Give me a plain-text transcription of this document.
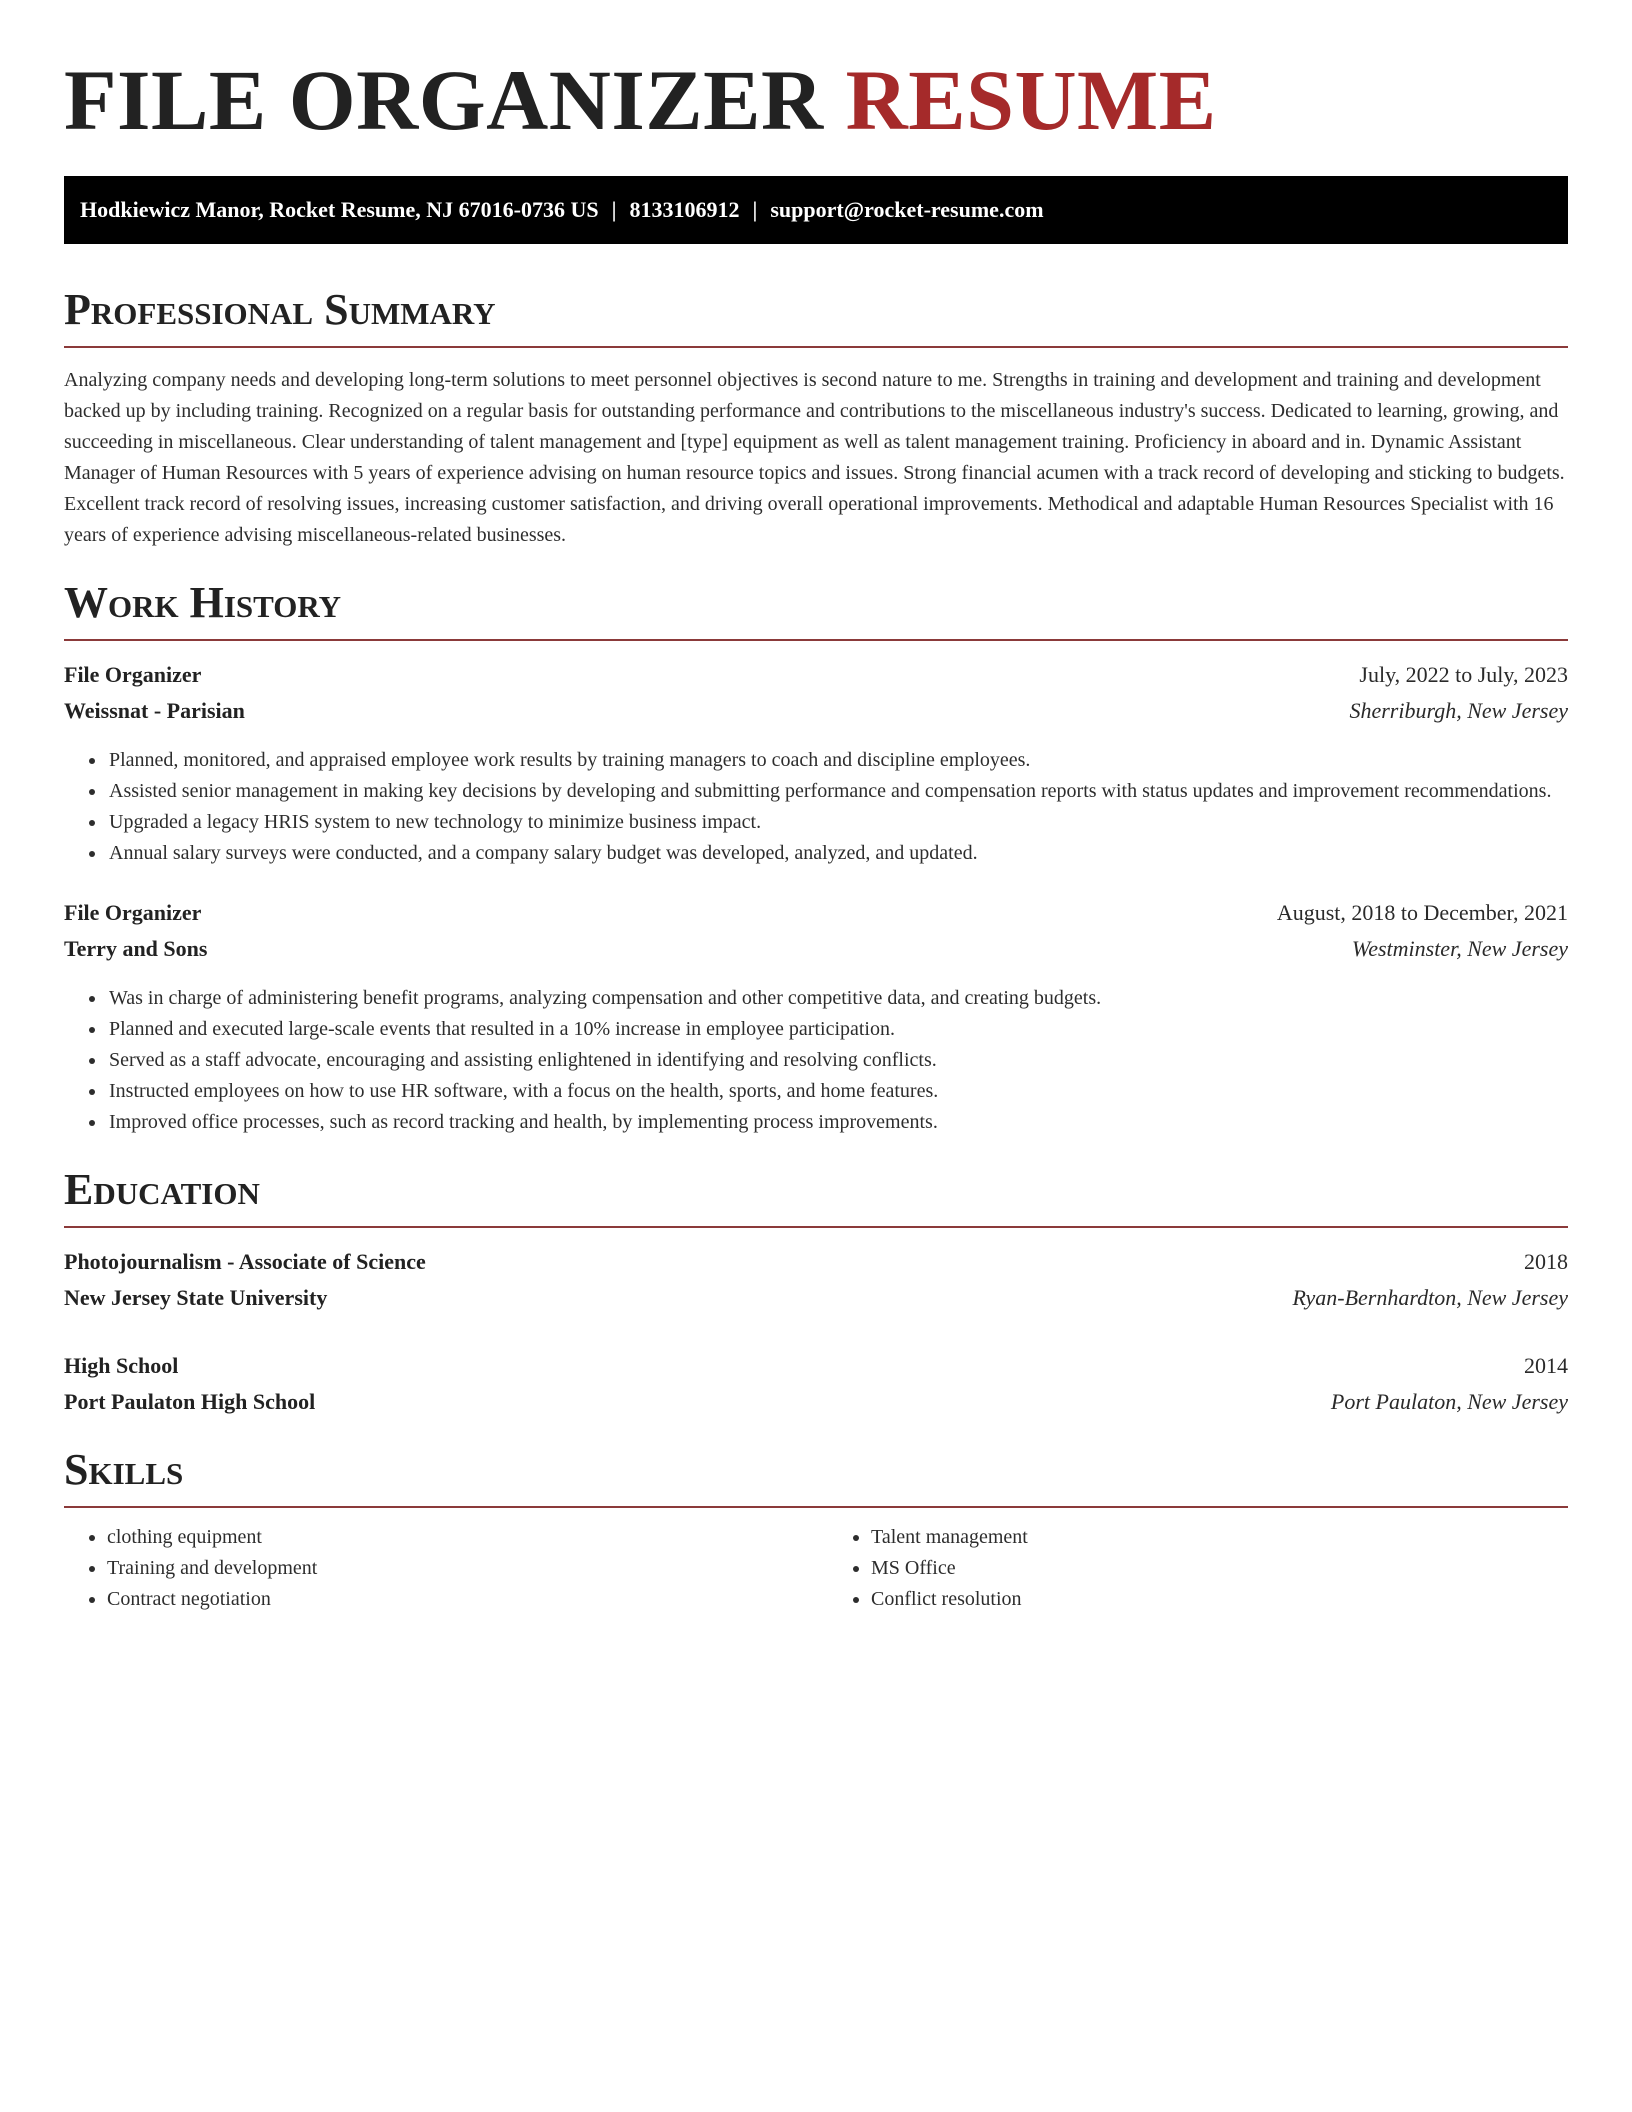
FILE ORGANIZER RESUME
Hodkiewicz Manor, Rocket Resume, NJ 67016-0736 US | 8133106912 | support@rocket-resume.com
Professional Summary

Analyzing company needs and developing long-term solutions to meet personnel objectives is second nature to me. Strengths in training and development and training and development backed up by including training. Recognized on a regular basis for outstanding performance and contributions to the miscellaneous industry's success. Dedicated to learning, growing, and succeeding in miscellaneous. Clear understanding of talent management and [type] equipment as well as talent management training. Proficiency in aboard and in. Dynamic Assistant Manager of Human Resources with 5 years of experience advising on human resource topics and issues. Strong financial acumen with a track record of developing and sticking to budgets. Excellent track record of resolving issues, increasing customer satisfaction, and driving overall operational improvements. Methodical and adaptable Human Resources Specialist with 16 years of experience advising miscellaneous-related businesses.

Work History
File Organizer	July, 2022 to July, 2023
Weissnat - Parisian	Sherriburgh, New Jersey
• Planned, monitored, and appraised employee work results by training managers to coach and discipline employees.
• Assisted senior management in making key decisions by developing and submitting performance and compensation reports with status updates and improvement recommendations.
• Upgraded a legacy HRIS system to new technology to minimize business impact.
• Annual salary surveys were conducted, and a company salary budget was developed, analyzed, and updated.
File Organizer	August, 2018 to December, 2021
Terry and Sons	Westminster, New Jersey
• Was in charge of administering benefit programs, analyzing compensation and other competitive data, and creating budgets.
• Planned and executed large-scale events that resulted in a 10% increase in employee participation.
• Served as a staff advocate, encouraging and assisting enlightened in identifying and resolving conflicts.
• Instructed employees on how to use HR software, with a focus on the health, sports, and home features.
• Improved office processes, such as record tracking and health, by implementing process improvements.
Education
Photojournalism - Associate of Science	2018
New Jersey State University	Ryan-Bernhardton, New Jersey
High School	2014
Port Paulaton High School	Port Paulaton, New Jersey
Skills
• clothing equipment
• Training and development
• Contract negotiation
• Talent management
• MS Office
• Conflict resolution
